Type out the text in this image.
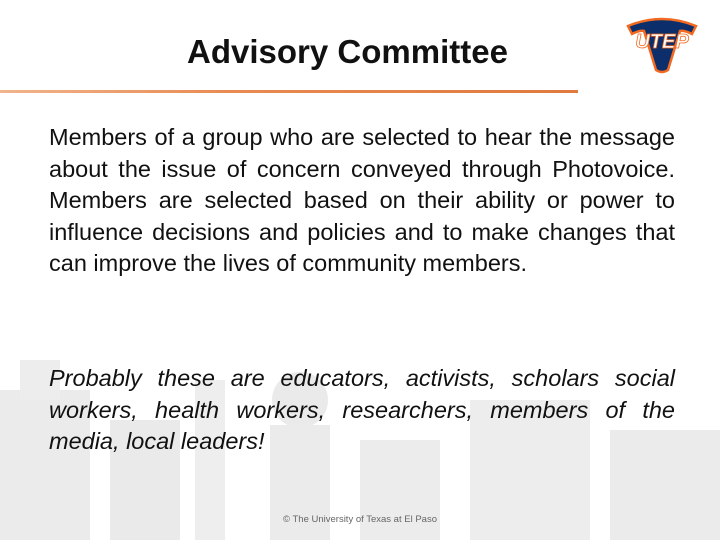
Advisory Committee	UTEP

Members of a group who are selected to hear the message about the issue of concern conveyed through Photovoice. Members are selected based on their ability or power to influence decisions and policies and to make changes that can improve the lives of community members.

Probably these are educators, activists, scholars social workers, health workers, researchers, members of the media, local leaders!

© The University of Texas at El Paso
